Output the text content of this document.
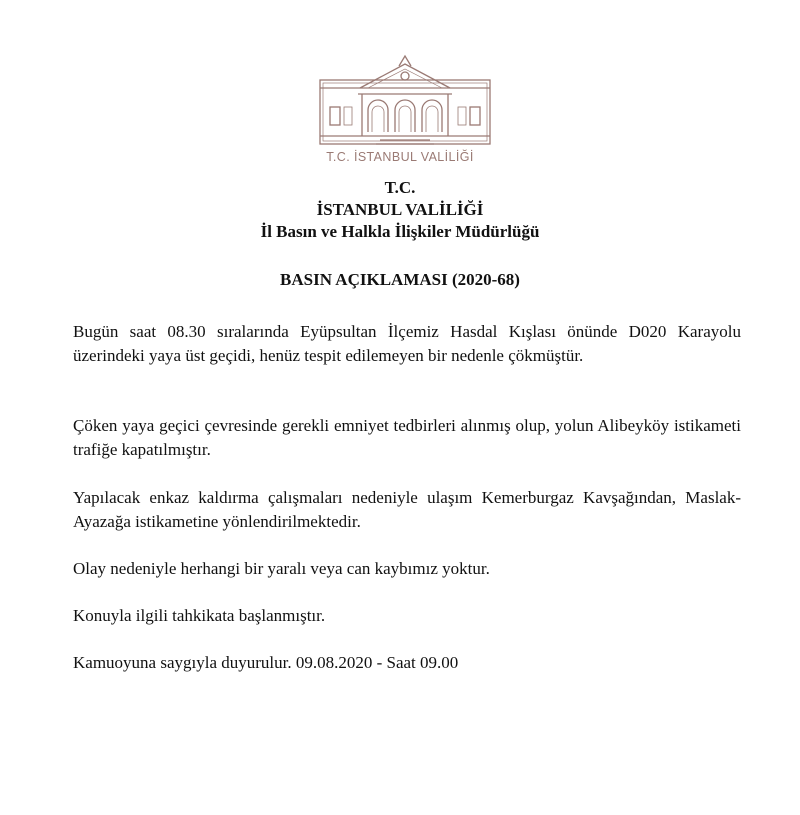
T.C. İSTANBUL VALİLİĞİ
T.C.
İSTANBUL VALİLİĞİ
İl Basın ve Halkla İlişkiler Müdürlüğü
BASIN AÇIKLAMASI (2020-68)

Bugün saat 08.30 sıralarında Eyüpsultan İlçemiz Hasdal Kışlası önünde D020 Karayolu üzerindeki yaya üst geçidi, henüz tespit edilemeyen bir nedenle çökmüştür.

Çöken yaya geçici çevresinde gerekli emniyet tedbirleri alınmış olup, yolun Alibeyköy istikameti trafiğe kapatılmıştır.

Yapılacak enkaz kaldırma çalışmaları nedeniyle ulaşım Kemerburgaz Kavşağından, Maslak-Ayazağa istikametine yönlendirilmektedir.

Olay nedeniyle herhangi bir yaralı veya can kaybımız yoktur.

Konuyla ilgili tahkikata başlanmıştır.

Kamuoyuna saygıyla duyurulur. 09.08.2020 - Saat 09.00
